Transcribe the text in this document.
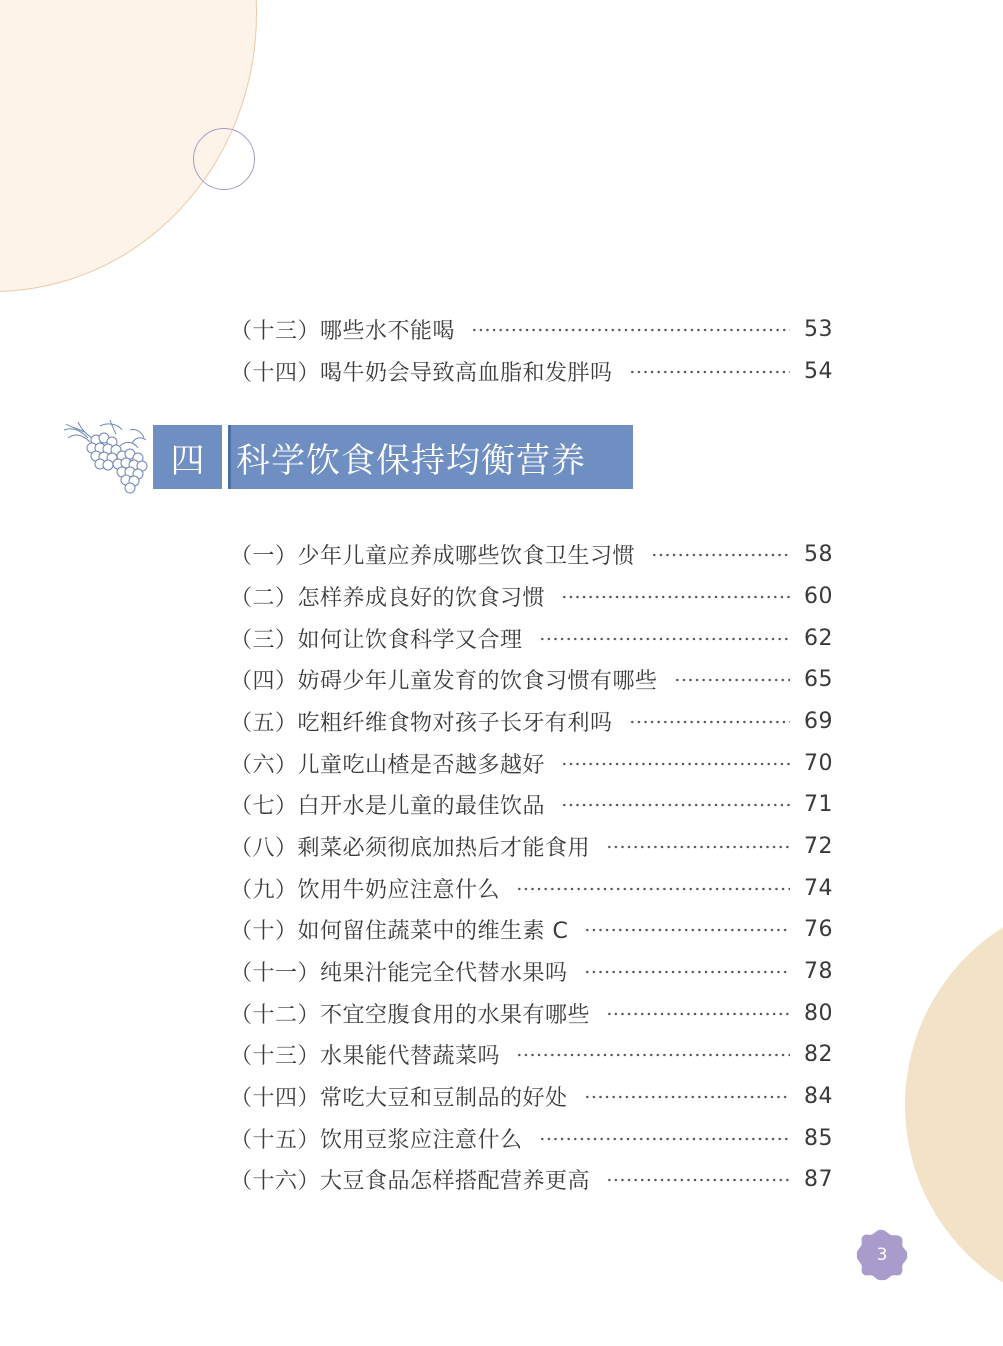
（十三）哪些水不能喝	53
（十四）喝牛奶会导致高血脂和发胖吗	54
四 科学饮食保持均衡营养
（一）少年儿童应养成哪些饮食卫生习惯	58
（二）怎样养成良好的饮食习惯	60
（三）如何让饮食科学又合理	62
（四）妨碍少年儿童发育的饮食习惯有哪些	65
（五）吃粗纤维食物对孩子长牙有利吗	69
（六）儿童吃山楂是否越多越好	70
（七）白开水是儿童的最佳饮品	71
（八）剩菜必须彻底加热后才能食用	72
（九）饮用牛奶应注意什么	74
（十）如何留住蔬菜中的维生素 C	76
（十一）纯果汁能完全代替水果吗	78
（十二）不宜空腹食用的水果有哪些	80
（十三）水果能代替蔬菜吗	82
（十四）常吃大豆和豆制品的好处	84
（十五）饮用豆浆应注意什么	85
（十六）大豆食品怎样搭配营养更高	87
3
